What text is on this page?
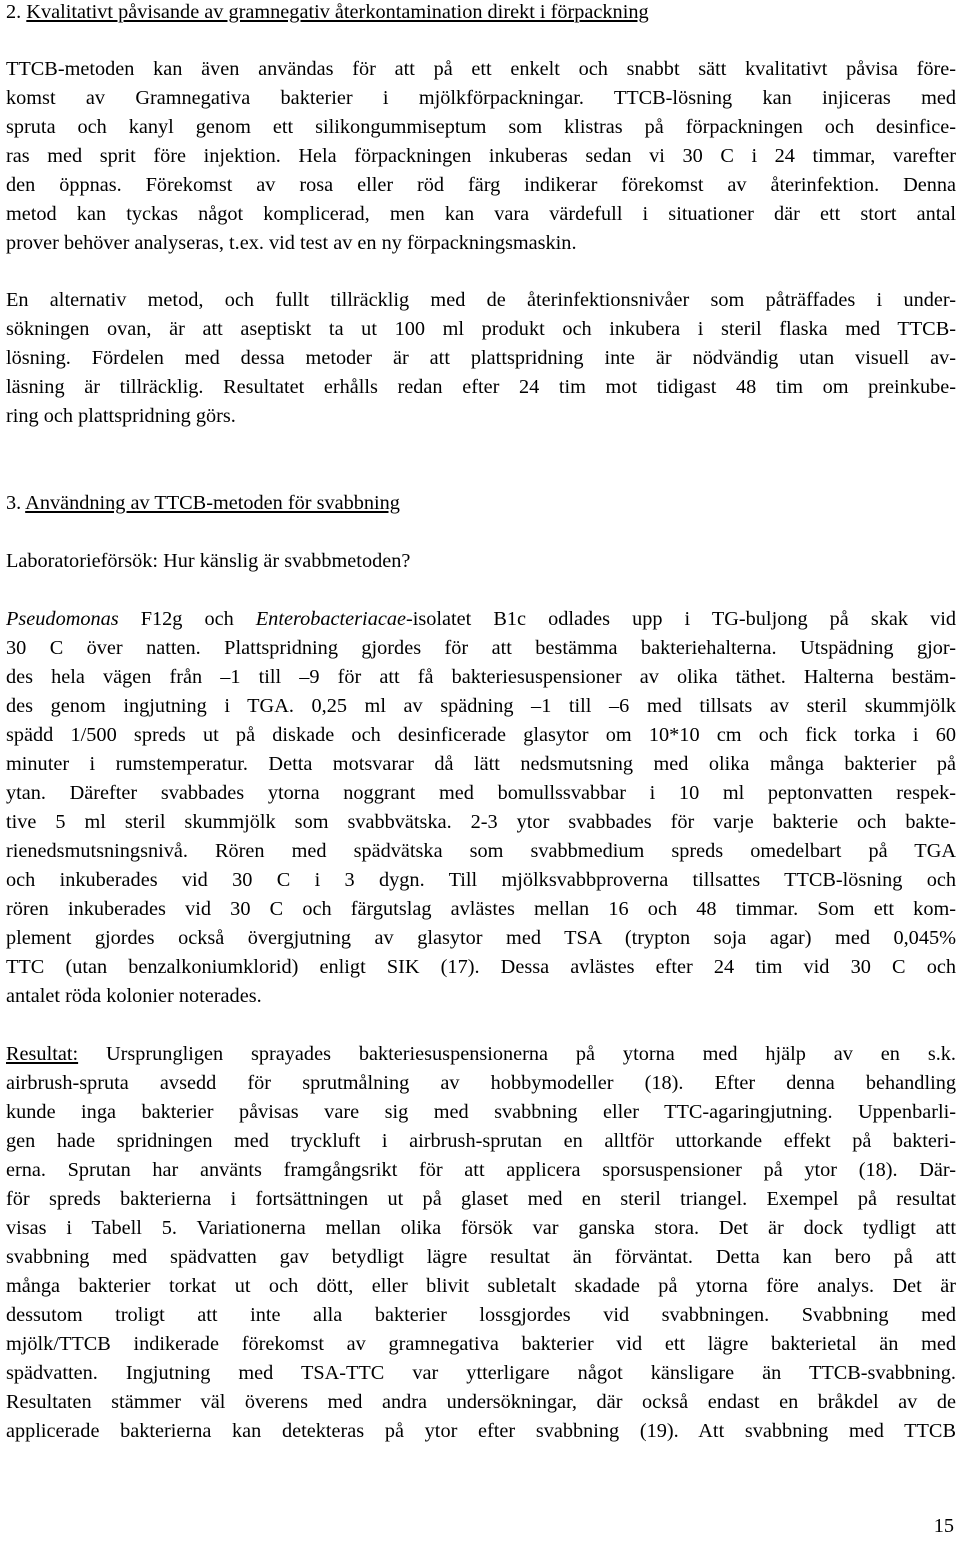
2. Kvalitativt påvisande av gramnegativ återkontamination direkt i förpackning
TTCB-metoden kan även användas för att på ett enkelt och snabbt sätt kvalitativt påvisa före-
komst av Gramnegativa bakterier i mjölkförpackningar. TTCB-lösning kan injiceras med
spruta och kanyl genom ett silikongummiseptum som klistras på förpackningen och desinfice-
ras med sprit före injektion. Hela förpackningen inkuberas sedan vi 30 C i 24 timmar, varefter
den öppnas. Förekomst av rosa eller röd färg indikerar förekomst av återinfektion. Denna
metod kan tyckas något komplicerad, men kan vara värdefull i situationer där ett stort antal
prover behöver analyseras, t.ex. vid test av en ny förpackningsmaskin.
En alternativ metod, och fullt tillräcklig med de återinfektionsnivåer som påträffades i under-
sökningen ovan, är att aseptiskt ta ut 100 ml produkt och inkubera i steril flaska med TTCB-
lösning. Fördelen med dessa metoder är att plattspridning inte är nödvändig utan visuell av-
läsning är tillräcklig. Resultatet erhålls redan efter 24 tim mot tidigast 48 tim om preinkube-
ring och plattspridning görs.
3. Användning av TTCB-metoden för svabbning
Laboratorieförsök: Hur känslig är svabbmetoden?
Pseudomonas F12g och Enterobacteriacae-isolatet B1c odlades upp i TG-buljong på skak vid
30 C över natten. Plattspridning gjordes för att bestämma bakteriehalterna. Utspädning gjor-
des hela vägen från –1 till –9 för att få bakteriesuspensioner av olika täthet. Halterna bestäm-
des genom ingjutning i TGA. 0,25 ml av spädning –1 till –6 med tillsats av steril skummjölk
spädd 1/500 spreds ut på diskade och desinficerade glasytor om 10*10 cm och fick torka i 60
minuter i rumstemperatur. Detta motsvarar då lätt nedsmutsning med olika många bakterier på
ytan. Därefter svabbades ytorna noggrant med bomullssvabbar i 10 ml peptonvatten respek-
tive 5 ml steril skummjölk som svabbvätska. 2-3 ytor svabbades för varje bakterie och bakte-
rienedsmutsningsnivå. Rören med spädvätska som svabbmedium spreds omedelbart på TGA
och inkuberades vid 30 C i 3 dygn. Till mjölksvabbproverna tillsattes TTCB-lösning och
rören inkuberades vid 30 C och färgutslag avlästes mellan 16 och 48 timmar. Som ett kom-
plement gjordes också övergjutning av glasytor med TSA (trypton soja agar) med 0,045%
TTC (utan benzalkoniumklorid) enligt SIK (17). Dessa avlästes efter 24 tim vid 30 C och
antalet röda kolonier noterades.
Resultat: Ursprungligen sprayades bakteriesuspensionerna på ytorna med hjälp av en s.k.
airbrush-spruta avsedd för sprutmålning av hobbymodeller (18). Efter denna behandling
kunde inga bakterier påvisas vare sig med svabbning eller TTC-agaringjutning. Uppenbarli-
gen hade spridningen med tryckluft i airbrush-sprutan en alltför uttorkande effekt på bakteri-
erna. Sprutan har använts framgångsrikt för att applicera sporsuspensioner på ytor (18). Där-
för spreds bakterierna i fortsättningen ut på glaset med en steril triangel. Exempel på resultat
visas i Tabell 5. Variationerna mellan olika försök var ganska stora. Det är dock tydligt att
svabbning med spädvatten gav betydligt lägre resultat än förväntat. Detta kan bero på att
många bakterier torkat ut och dött, eller blivit subletalt skadade på ytorna före analys. Det är
dessutom troligt att inte alla bakterier lossgjordes vid svabbningen. Svabbning med
mjölk/TTCB indikerade förekomst av gramnegativa bakterier vid ett lägre bakterietal än med
spädvatten. Ingjutning med TSA-TTC var ytterligare något känsligare än TTCB-svabbning.
Resultaten stämmer väl överens med andra undersökningar, där också endast en bråkdel av de
applicerade bakterierna kan detekteras på ytor efter svabbning (19). Att svabbning med TTCB
15
